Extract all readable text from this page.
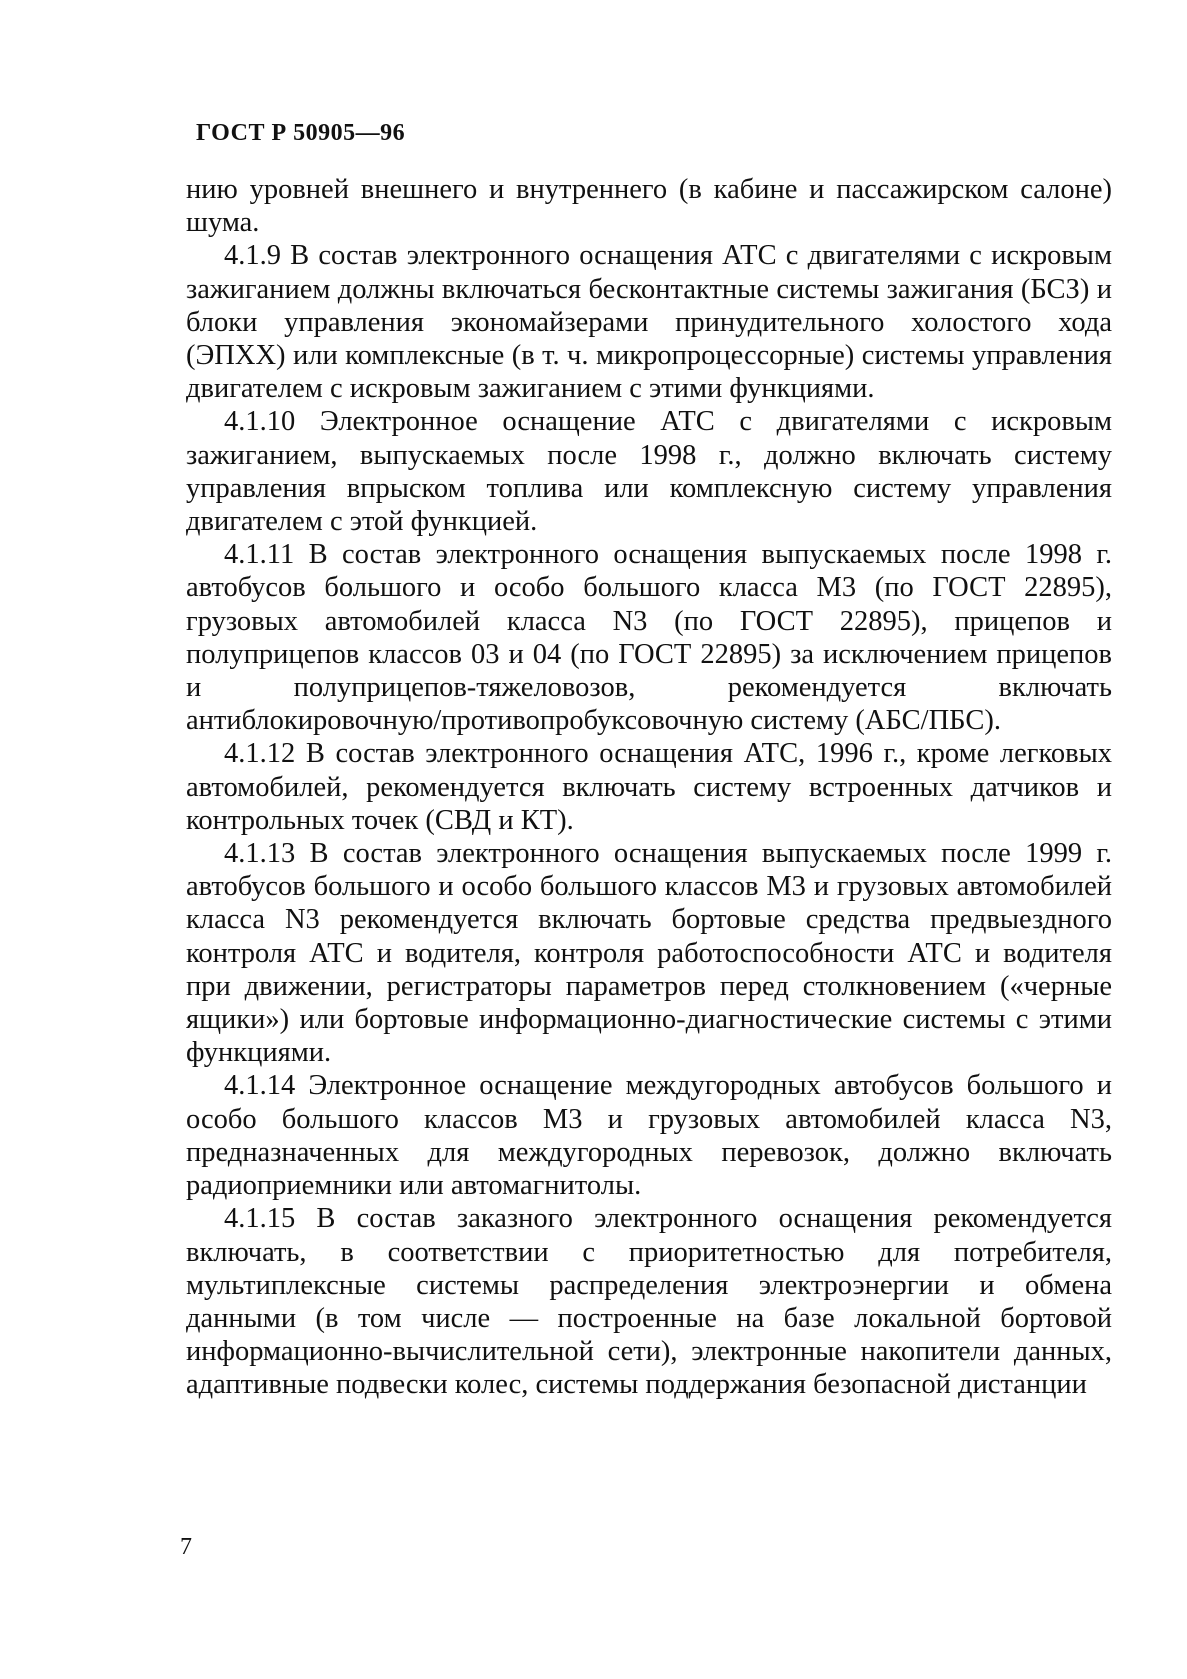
ГОСТ Р 50905—96

нию уровней внешнего и внутреннего (в кабине и пассажирском салоне) шума.

4.1.9 В состав электронного оснащения АТС с двигателями с искровым зажиганием должны включаться бесконтактные системы зажигания (БСЗ) и блоки управления экономайзерами принудительного холостого хода (ЭПХХ) или комплексные (в т. ч. микропроцессорные) системы управления двигателем с искровым зажиганием с этими функциями.

4.1.10 Электронное оснащение АТС с двигателями с искровым зажиганием, выпускаемых после 1998 г., должно включать систему управления впрыском топлива или комплексную систему управления двигателем с этой функцией.

4.1.11 В состав электронного оснащения выпускаемых после 1998 г. автобусов большого и особо большого класса М3 (по ГОСТ 22895), грузовых автомобилей класса N3 (по ГОСТ 22895), прицепов и полуприцепов классов 03 и 04 (по ГОСТ 22895) за исключением прицепов и полуприцепов-тяжеловозов, рекомендуется включать антиблокировочную/противопробуксовочную систему (АБС/ПБС).

4.1.12 В состав электронного оснащения АТС, 1996 г., кроме легковых автомобилей, рекомендуется включать систему встроенных датчиков и контрольных точек (СВД и КТ).

4.1.13 В состав электронного оснащения выпускаемых после 1999 г. автобусов большого и особо большого классов М3 и грузовых автомобилей класса N3 рекомендуется включать бортовые средства предвыездного контроля АТС и водителя, контроля работоспособности АТС и водителя при движении, регистраторы параметров перед столкновением («черные ящики») или бортовые информационно-диагностические системы с этими функциями.

4.1.14 Электронное оснащение междугородных автобусов большого и особо большого классов М3 и грузовых автомобилей класса N3, предназначенных для междугородных перевозок, должно включать радиоприемники или автомагнитолы.

4.1.15 В состав заказного электронного оснащения рекомендуется включать, в соответствии с приоритетностью для потребителя, мультиплексные системы распределения электроэнергии и обмена данными (в том числе — построенные на базе локальной бортовой информационно-вычислительной сети), электронные накопители данных, адаптивные подвески колес, системы поддержания безопасной дистанции

7
